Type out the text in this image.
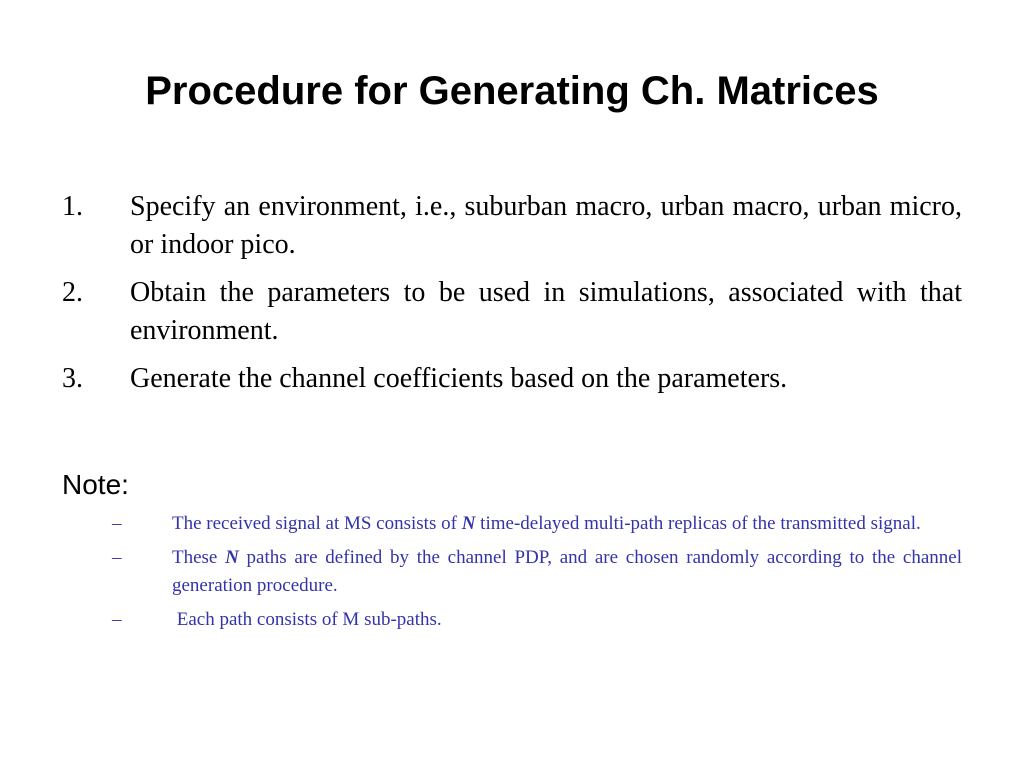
Procedure for Generating Ch. Matrices
1.	Specify an environment, i.e., suburban macro, urban macro, urban micro, or indoor pico.
2.	Obtain the parameters to be used in simulations, associated with that environment.
3.	Generate the channel coefficients based on the parameters.

Note:

–	The received signal at MS consists of N time-delayed multi-path replicas of the transmitted signal.
–	These N paths are defined by the channel PDP, and are chosen randomly according to the channel generation procedure.
–	Each path consists of M sub-paths.
